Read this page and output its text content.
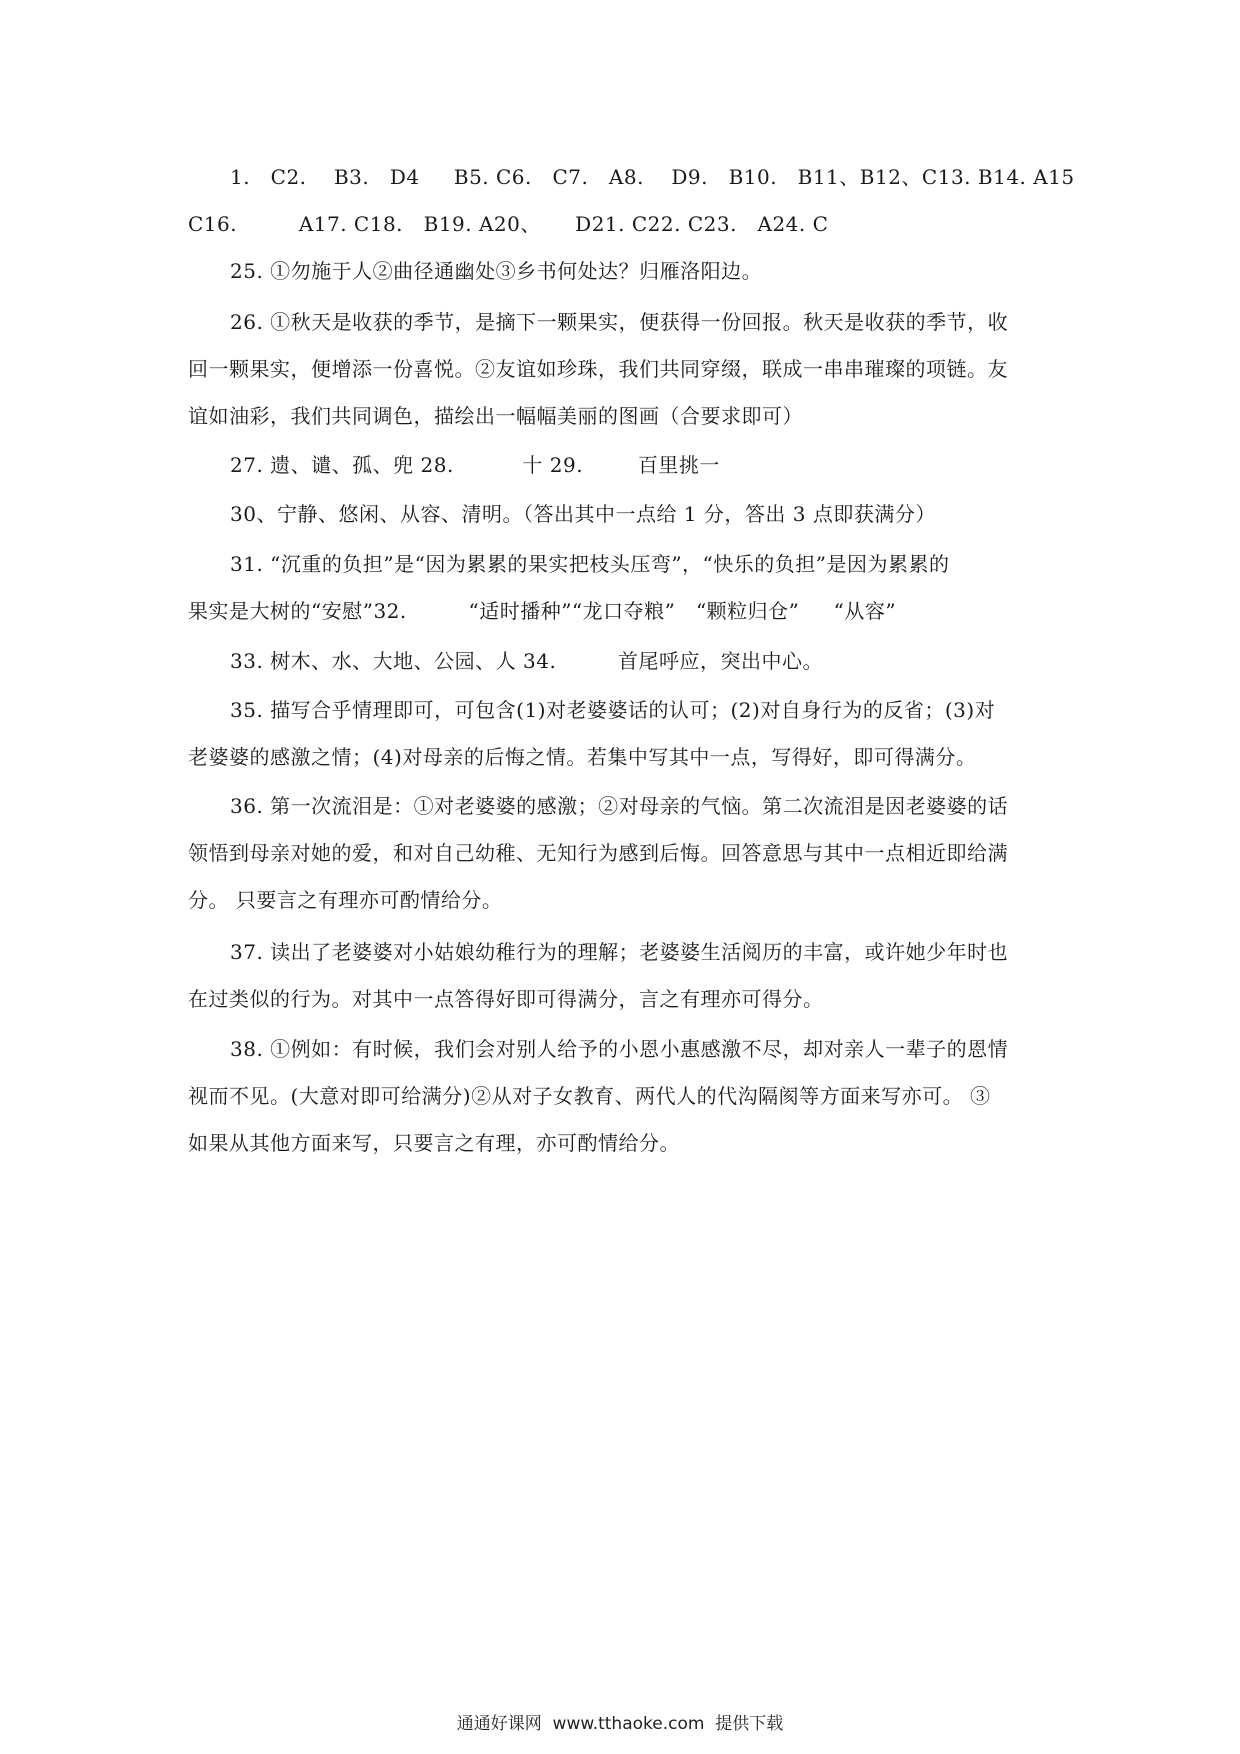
1.   C2.    B3.   D4     B5. C6.   C7.   A8.    D9.   B10.   B11、B12、C13. B14. A15
C16.         A17. C18.   B19. A20、     D21. C22. C23.   A24. C
25. ①勿施于人②曲径通幽处③乡书何处达？归雁洛阳边。
26. ①秋天是收获的季节，是摘下一颗果实，便获得一份回报。秋天是收获的季节，收
回一颗果实，便增添一份喜悦。②友谊如珍珠，我们共同穿缀，联成一串串璀璨的项链。友
谊如油彩，我们共同调色，描绘出一幅幅美丽的图画（合要求即可）
27. 遗、谴、孤、兜 28.          十 29.        百里挑一
30、宁静、悠闲、从容、清明。（答出其中一点给 1 分，答出 3 点即获满分）
31. “沉重的负担”是“因为累累的果实把枝头压弯”，“快乐的负担”是因为累累的
果实是大树的“安慰”32.         “适时播种”“龙口夺粮”   “颗粒归仓”     “从容”
33. 树木、水、大地、公园、人 34.         首尾呼应，突出中心。
35. 描写合乎情理即可，可包含(1)对老婆婆话的认可；(2)对自身行为的反省；(3)对
老婆婆的感激之情；(4)对母亲的后悔之情。若集中写其中一点，写得好，即可得满分。
36. 第一次流泪是：①对老婆婆的感激；②对母亲的气恼。第二次流泪是因老婆婆的话
领悟到母亲对她的爱，和对自己幼稚、无知行为感到后悔。回答意思与其中一点相近即给满
分。 只要言之有理亦可酌情给分。
37. 读出了老婆婆对小姑娘幼稚行为的理解；老婆婆生活阅历的丰富，或许她少年时也
在过类似的行为。对其中一点答得好即可得满分，言之有理亦可得分。
38. ①例如：有时候，我们会对别人给予的小恩小惠感激不尽，却对亲人一辈子的恩情
视而不见。(大意对即可给满分)②从对子女教育、两代人的代沟隔阂等方面来写亦可。 ③
如果从其他方面来写，只要言之有理，亦可酌情给分。
通通好课网  www.tthaoke.com  提供下载
